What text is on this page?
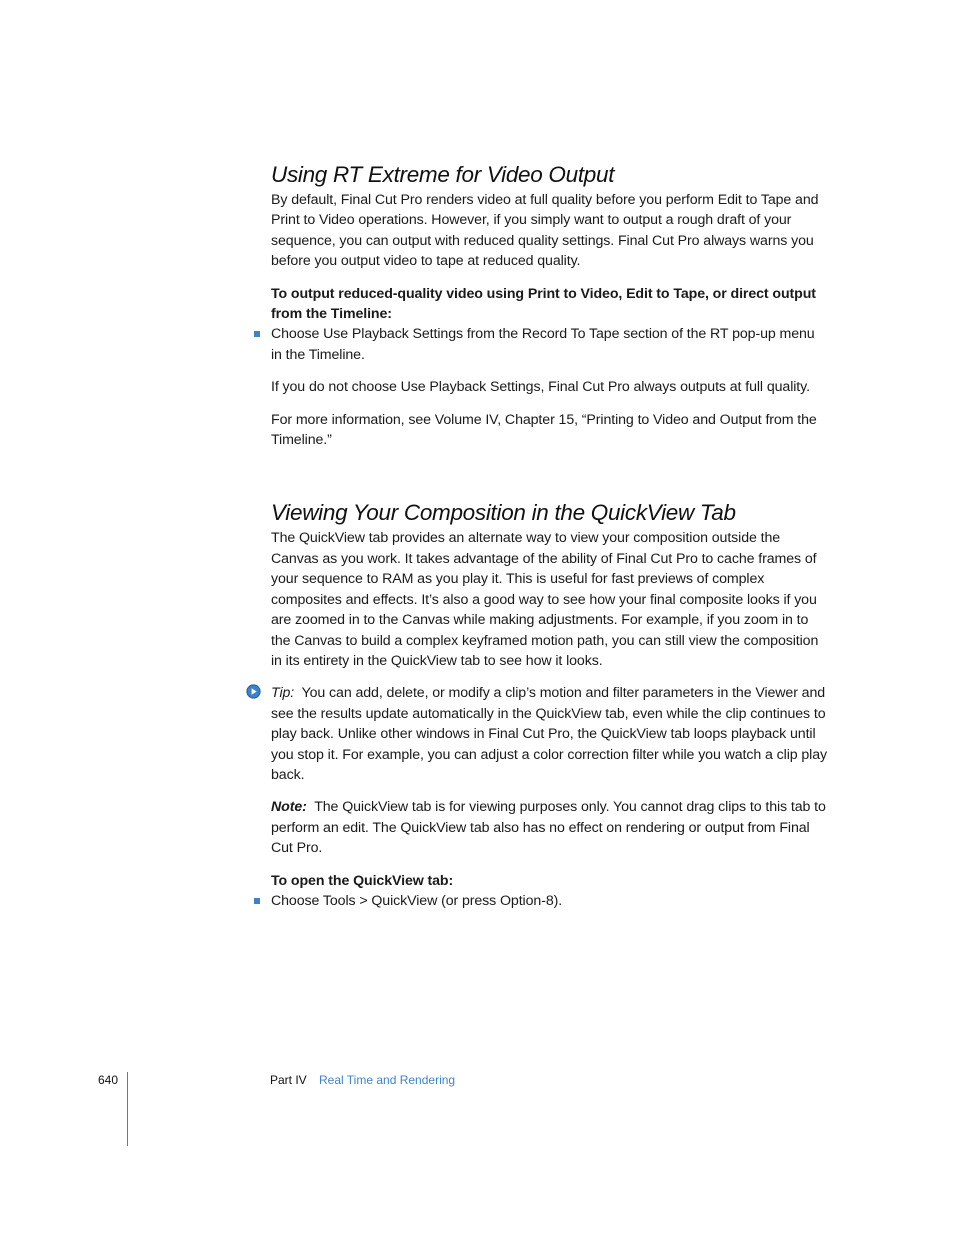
Using RT Extreme for Video Output

By default, Final Cut Pro renders video at full quality before you perform Edit to Tape and Print to Video operations. However, if you simply want to output a rough draft of your sequence, you can output with reduced quality settings. Final Cut Pro always warns you before you output video to tape at reduced quality.

To output reduced-quality video using Print to Video, Edit to Tape, or direct output from the Timeline:

Choose Use Playback Settings from the Record To Tape section of the RT pop-up menu in the Timeline.

If you do not choose Use Playback Settings, Final Cut Pro always outputs at full quality.

For more information, see Volume IV, Chapter 15, “Printing to Video and Output from the Timeline.”

Viewing Your Composition in the QuickView Tab

The QuickView tab provides an alternate way to view your composition outside the Canvas as you work. It takes advantage of the ability of Final Cut Pro to cache frames of your sequence to RAM as you play it. This is useful for fast previews of complex composites and effects. It’s also a good way to see how your final composite looks if you are zoomed in to the Canvas while making adjustments. For example, if you zoom in to the Canvas to build a complex keyframed motion path, you can still view the composition in its entirety in the QuickView tab to see how it looks.

Tip: You can add, delete, or modify a clip’s motion and filter parameters in the Viewer and see the results update automatically in the QuickView tab, even while the clip continues to play back. Unlike other windows in Final Cut Pro, the QuickView tab loops playback until you stop it. For example, you can adjust a color correction filter while you watch a clip play back.

Note: The QuickView tab is for viewing purposes only. You cannot drag clips to this tab to perform an edit. The QuickView tab also has no effect on rendering or output from Final Cut Pro.

To open the QuickView tab:

Choose Tools > QuickView (or press Option-8).

640	Part IV Real Time and Rendering
